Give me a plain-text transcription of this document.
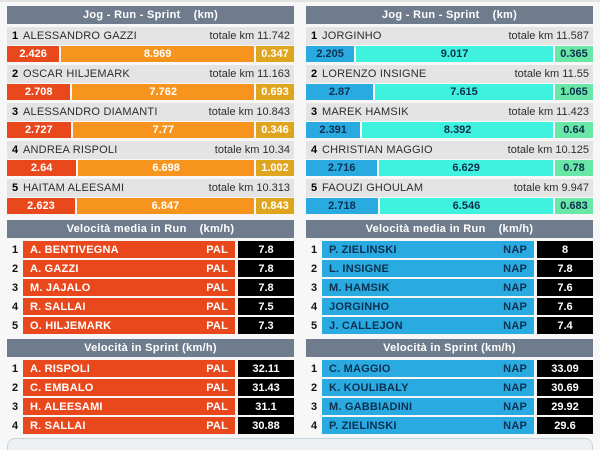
Jog - Run - Sprint (km)
1 ALESSANDRO GAZZI	totale km 11.742
2.426	8.969	0.347
2 OSCAR HILJEMARK	totale km 11.163
2.708	7.762	0.693
3 ALESSANDRO DIAMANTI	totale km 10.843
2.727	7.77	0.346
4 ANDREA RISPOLI	totale km 10.34
2.64	6.698	1.002
5 HAITAM ALEESAMI	totale km 10.313
2.623	6.847	0.843
Jog - Run - Sprint (km)
1 JORGINHO	totale km 11.587
2.205	9.017	0.365
2 LORENZO INSIGNE	totale km 11.55
2.87	7.615	1.065
3 MAREK HAMSIK	totale km 11.423
2.391	8.392	0.64
4 CHRISTIAN MAGGIO	totale km 10.125
2.716	6.629	0.78
5 FAOUZI GHOULAM	totale km 9.947
2.718	6.546	0.683
Velocità media in Run (km/h)
1	A. BENTIVEGNA	PAL	7.8
2	A. GAZZI	PAL	7.8
3	M. JAJALO	PAL	7.8
4	R. SALLAI	PAL	7.5
5	O. HILJEMARK	PAL	7.3
Velocità media in Run (km/h)
1	P. ZIELINSKI	NAP	8
2	L. INSIGNE	NAP	7.8
3	M. HAMSIK	NAP	7.6
4	JORGINHO	NAP	7.6
5	J. CALLEJON	NAP	7.4
Velocità in Sprint (km/h)
1	A. RISPOLI	PAL	32.11
2	C. EMBALO	PAL	31.43
3	H. ALEESAMI	PAL	31.1
4	R. SALLAI	PAL	30.88
Velocità in Sprint (km/h)
1	C. MAGGIO	NAP	33.09
2	K. KOULIBALY	NAP	30.69
3	M. GABBIADINI	NAP	29.92
4	P. ZIELINSKI	NAP	29.6
